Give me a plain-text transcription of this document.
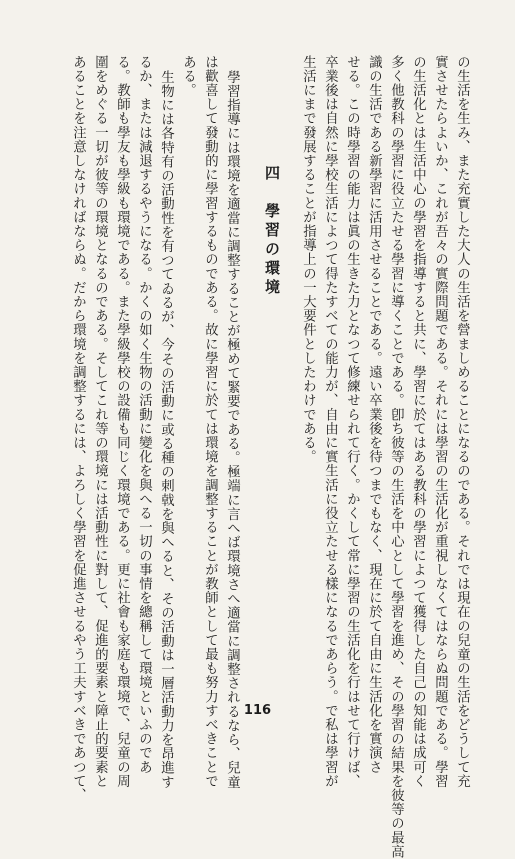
の生活を生み、また充實した大人の生活を營ましめることになるのである。それでは現在の兒童の生活をどうして充
實させたらよいか、これが吾々の實際問題である。それには學習の生活化が重視しなくてはならぬ問題である。學習
の生活化とは生活中心の學習を指導すると共に、學習に於てはある教科の學習によつて獲得した自己の知能は成可く
多く他教科の學習に役立たせる學習に導くことである。卽ち彼等の生活を中心として學習を進め、その學習の結果を彼等の最高
識の生活である新學習に活用させることである。遠い卒業後を待つまでもなく、現在に於て自由に生活化を實演さ
せる。この時學習の能力は眞の生きた力となつて修練せられて行く。かくして常に學習の生活化を行はせて行けば、
卒業後は自然に學校生活によつて得たすべての能力が、自由に實生活に役立たせる樣になるであらう。で私は學習が
生活にまで發展することが指導上の一大要件としたわけである。
四　學習の環境
學習指導には環境を適當に調整することが極めて緊要である。極端に言へば環境さへ適當に調整されるなら、兒童
は歡喜して發動的に學習するものである。故に學習に於ては環境を調整することが教師として最も努力すべきことで
ある。
生物には各特有の活動性を有つてゐるが、今その活動に或る種の刺戟を與へると、その活動は一層活動力を昂進す
るか、または減退するやうになる。かくの如く生物の活動に變化を與へる一切の事情を總稱して環境といふのであ
る。教師も學友も學級も環境である。また學級學校の設備も同じく環境である。更に社會も家庭も環境で、兒童の周
圍をめぐる一切が彼等の環境となるのである。そしてこれ等の環境には活動性に對して、促進的要素と障止的要素と
あることを注意しなければならぬ。だから環境を調整するには、よろしく學習を促進させるやう工夫すべきであつて、	116
